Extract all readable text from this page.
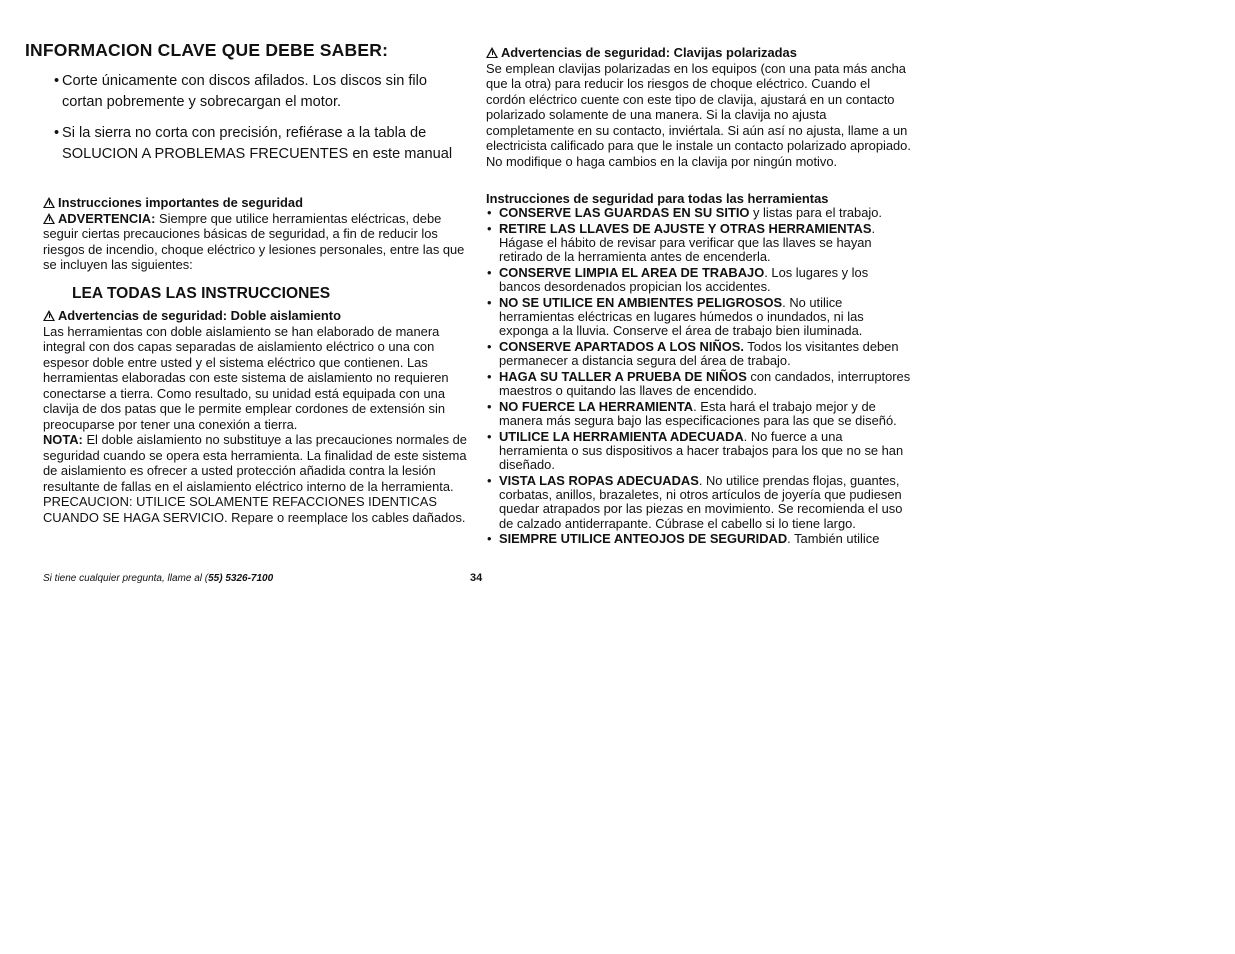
INFORMACION CLAVE QUE DEBE SABER:
• Corte únicamente con discos afilados. Los discos sin filo cortan pobremente y sobrecargan el motor.
• Si la sierra no corta con precisión, refiérase a la tabla de SOLUCION A PROBLEMAS FRECUENTES en este manual
Instrucciones importantes de seguridad
ADVERTENCIA: Siempre que utilice herramientas eléctricas, debe seguir ciertas precauciones básicas de seguridad, a fin de reducir los riesgos de incendio, choque eléctrico y lesiones personales, entre las que se incluyen las siguientes:
LEA TODAS LAS INSTRUCCIONES
Advertencias de seguridad: Doble aislamiento
Las herramientas con doble aislamiento se han elaborado de manera integral con dos capas separadas de aislamiento eléctrico o una con espesor doble entre usted y el sistema eléctrico que contienen. Las herramientas elaboradas con este sistema de aislamiento no requieren conectarse a tierra. Como resultado, su unidad está equipada con una clavija de dos patas que le permite emplear cordones de extensión sin preocuparse por tener una conexión a tierra.
NOTA: El doble aislamiento no substituye a las precauciones normales de seguridad cuando se opera esta herramienta. La finalidad de este sistema de aislamiento es ofrecer a usted protección añadida contra la lesión resultante de fallas en el aislamiento eléctrico interno de la herramienta.
PRECAUCION: UTILICE SOLAMENTE REFACCIONES IDENTICAS CUANDO SE HAGA SERVICIO. Repare o reemplace los cables dañados.
Si tiene cualquier pregunta, llame al (55) 5326-7100	34
Advertencias de seguridad: Clavijas polarizadas
Se emplean clavijas polarizadas en los equipos (con una pata más ancha que la otra) para reducir los riesgos de choque eléctrico. Cuando el cordón eléctrico cuente con este tipo de clavija, ajustará en un contacto polarizado solamente de una manera. Si la clavija no ajusta completamente en su contacto, inviértala. Si aún así no ajusta, llame a un electricista calificado para que le instale un contacto polarizado apropiado. No modifique o haga cambios en la clavija por ningún motivo.
Instrucciones de seguridad para todas las herramientas
• CONSERVE LAS GUARDAS EN SU SITIO y listas para el trabajo.
• RETIRE LAS LLAVES DE AJUSTE Y OTRAS HERRAMIENTAS. Hágase el hábito de revisar para verificar que las llaves se hayan retirado de la herramienta antes de encenderla.
• CONSERVE LIMPIA EL AREA DE TRABAJO. Los lugares y los bancos desordenados propician los accidentes.
• NO SE UTILICE EN AMBIENTES PELIGROSOS. No utilice herramientas eléctricas en lugares húmedos o inundados, ni las exponga a la lluvia. Conserve el área de trabajo bien iluminada.
• CONSERVE APARTADOS A LOS NIÑOS. Todos los visitantes deben permanecer a distancia segura del área de trabajo.
• HAGA SU TALLER A PRUEBA DE NIÑOS con candados, interruptores maestros o quitando las llaves de encendido.
• NO FUERCE LA HERRAMIENTA. Esta hará el trabajo mejor y de manera más segura bajo las especificaciones para las que se diseñó.
• UTILICE LA HERRAMIENTA ADECUADA. No fuerce a una herramienta o sus dispositivos a hacer trabajos para los que no se han diseñado.
• VISTA LAS ROPAS ADECUADAS. No utilice prendas flojas, guantes, corbatas, anillos, brazaletes, ni otros artículos de joyería que pudiesen quedar atrapados por las piezas en movimiento. Se recomienda el uso de calzado antiderrapante. Cúbrase el cabello si lo tiene largo.
• SIEMPRE UTILICE ANTEOJOS DE SEGURIDAD. También utilice
